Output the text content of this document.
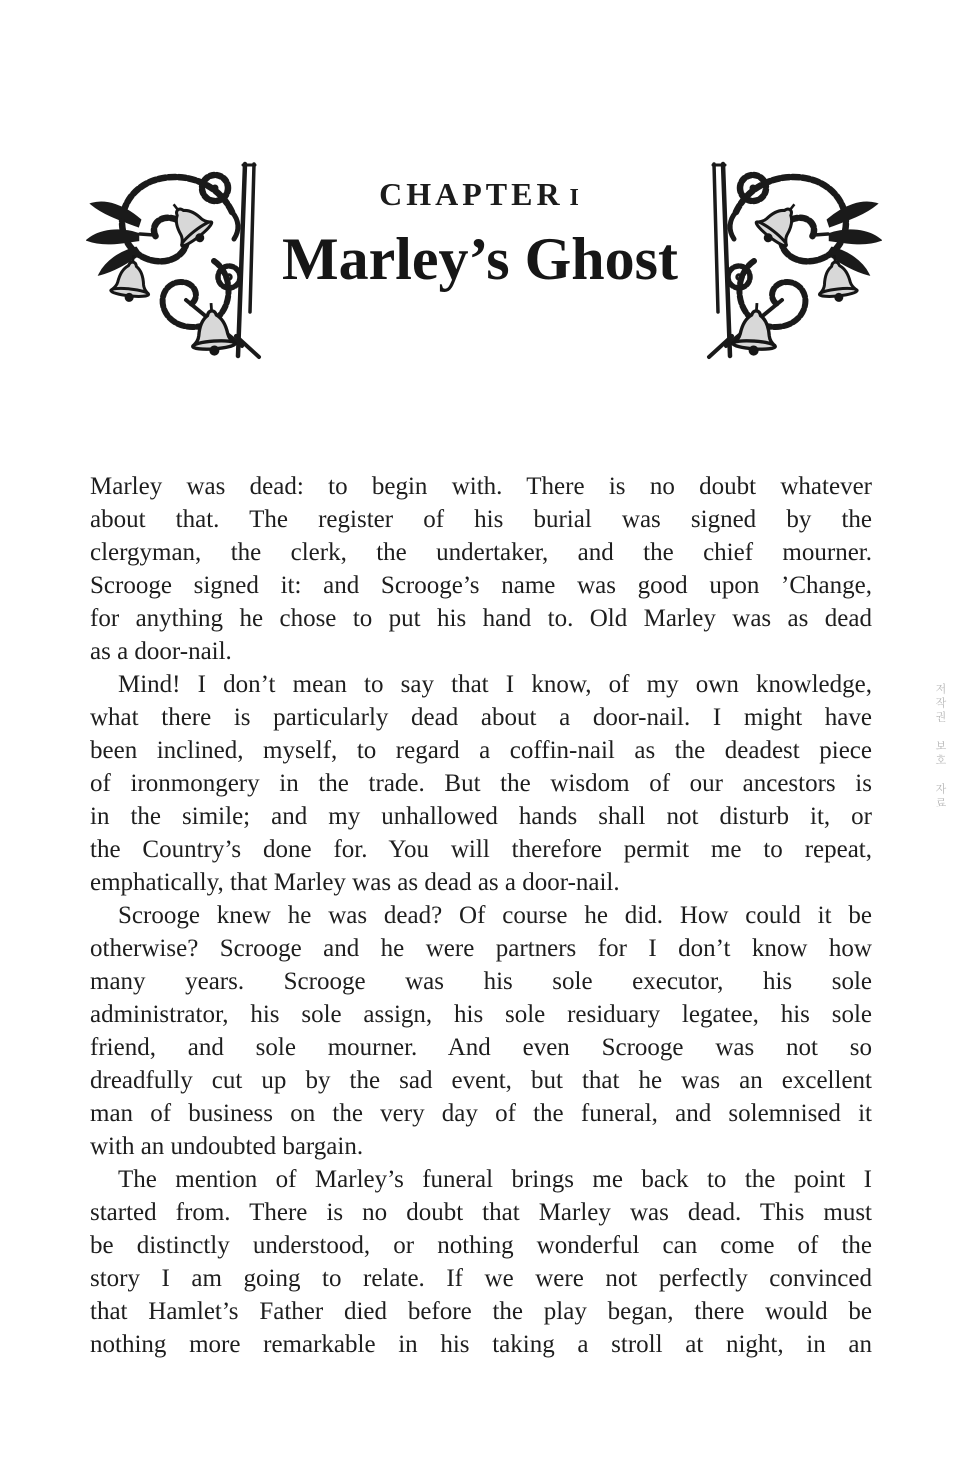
CHAPTER I
Marley’s Ghost
Marley was dead: to begin with. There is no doubt whatever
about that. The register of his burial was signed by the
clergyman, the clerk, the undertaker, and the chief mourner.
Scrooge signed it: and Scrooge’s name was good upon ’Change,
for anything he chose to put his hand to. Old Marley was as dead
as a door-nail.
Mind! I don’t mean to say that I know, of my own knowledge,
what there is particularly dead about a door-nail. I might have
been inclined, myself, to regard a coffin-nail as the deadest piece
of ironmongery in the trade. But the wisdom of our ancestors is
in the simile; and my unhallowed hands shall not disturb it, or
the Country’s done for. You will therefore permit me to repeat,
emphatically, that Marley was as dead as a door-nail.
Scrooge knew he was dead? Of course he did. How could it be
otherwise? Scrooge and he were partners for I don’t know how
many years. Scrooge was his sole executor, his sole
administrator, his sole assign, his sole residuary legatee, his sole
friend, and sole mourner. And even Scrooge was not so
dreadfully cut up by the sad event, but that he was an excellent
man of business on the very day of the funeral, and solemnised it
with an undoubted bargain.
The mention of Marley’s funeral brings me back to the point I
started from. There is no doubt that Marley was dead. This must
be distinctly understood, or nothing wonderful can come of the
story I am going to relate. If we were not perfectly convinced
that Hamlet’s Father died before the play began, there would be
nothing more remarkable in his taking a stroll at night, in an
저작권 보호 자료
